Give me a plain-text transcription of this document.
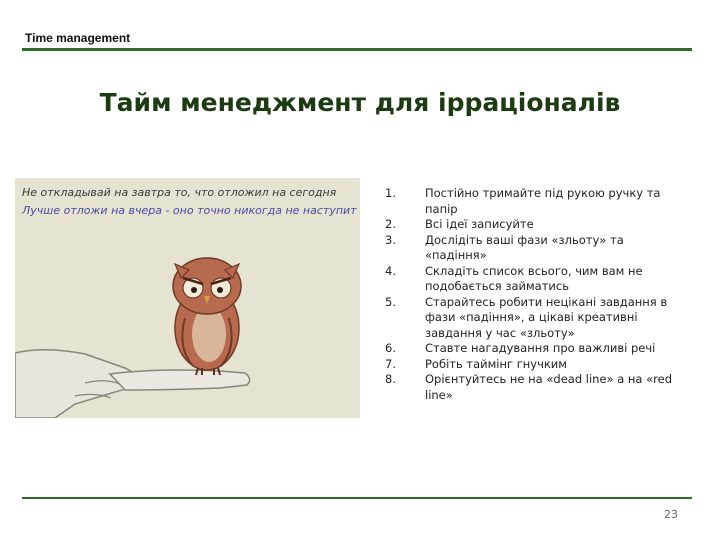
Time management
Тайм менеджмент для ірраціоналів
Не откладывай на завтра то, что отложил на сегодня
Лучше отложи на вчера - оно точно никогда не наступит
1.	Постійно тримайте під рукою ручку та папір
2.	Всі ідеї записуйте
3.	Дослідіть ваші фази «зльоту» та «падіння»
4.	Складіть список всього, чим вам не подобається займатись
5.	Старайтесь робити нецікані завдання в фази «падіння», а цікаві креативні завдання у час «зльоту»
6.	Ставте нагадування про важливі речі
7.	Робіть таймінг гнучким
8.	Орієнтуйтесь не на «dead line» а на «red line»
23
